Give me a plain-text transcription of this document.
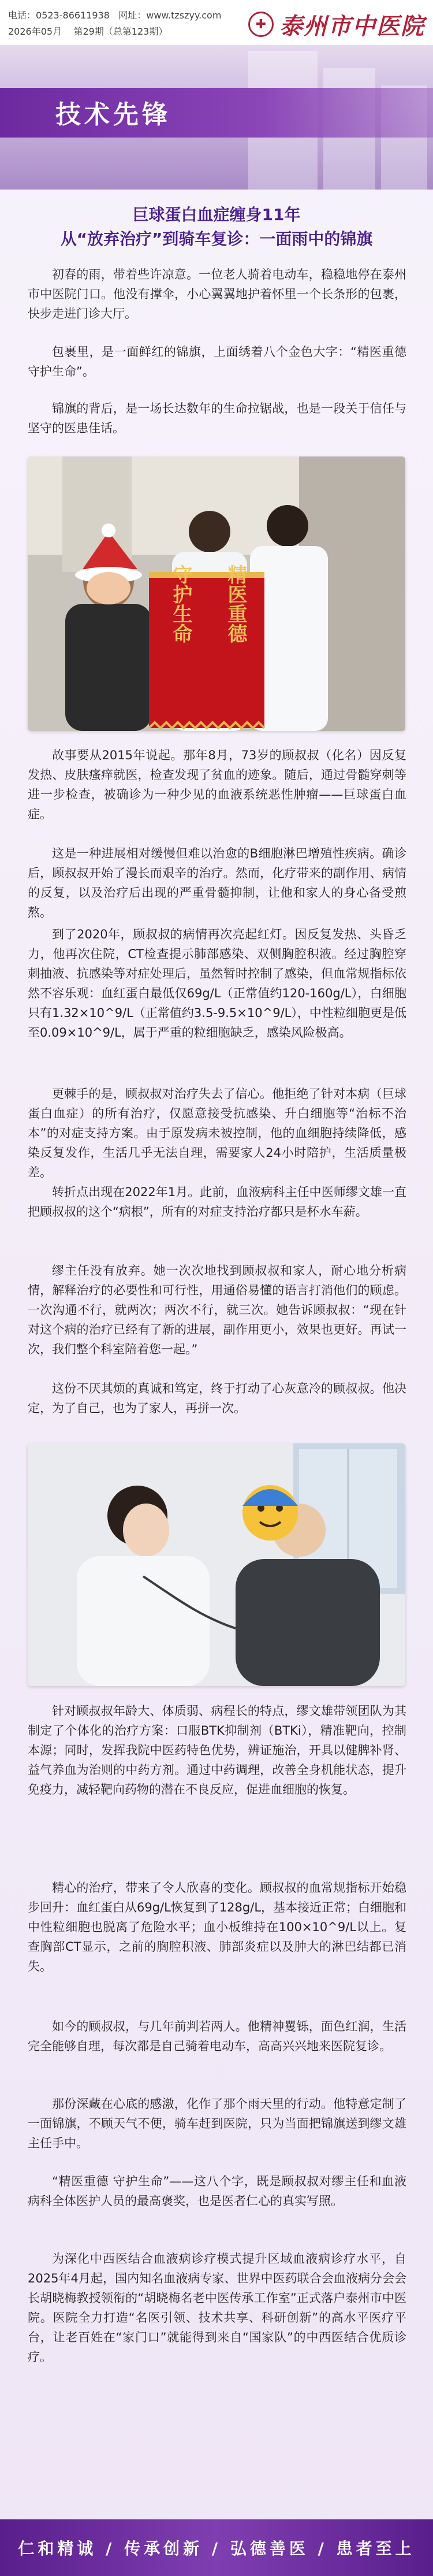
电话：0523-86611938 网址：www.tzszyy.com
2026年05月 第29期（总第123期）	✚ 泰州市中医院
技术先锋
巨球蛋白血症缠身11年
从“放弃治疗”到骑车复诊：一面雨中的锦旗

初春的雨，带着些许凉意。一位老人骑着电动车，稳稳地停在泰州市中医院门口。他没有撑伞，小心翼翼地护着怀里一个长条形的包裹，快步走进门诊大厅。

包裹里，是一面鲜红的锦旗，上面绣着八个金色大字：“精医重德 守护生命”。

锦旗的背后，是一场长达数年的生命拉锯战，也是一段关于信任与坚守的医患佳话。

精医重德
守护生命

故事要从2015年说起。那年8月，73岁的顾叔叔（化名）因反复发热、皮肤瘙痒就医，检查发现了贫血的迹象。随后，通过骨髓穿刺等进一步检查，被确诊为一种少见的血液系统恶性肿瘤——巨球蛋白血症。

这是一种进展相对缓慢但难以治愈的B细胞淋巴增殖性疾病。确诊后，顾叔叔开始了漫长而艰辛的治疗。然而，化疗带来的副作用、病情的反复，以及治疗后出现的严重骨髓抑制，让他和家人的身心备受煎熬。

到了2020年，顾叔叔的病情再次亮起红灯。因反复发热、头昏乏力，他再次住院，CT检查提示肺部感染、双侧胸腔积液。经过胸腔穿刺抽液、抗感染等对症处理后，虽然暂时控制了感染，但血常规指标依然不容乐观：血红蛋白最低仅69g/L（正常值约120-160g/L），白细胞只有1.32×10^9/L（正常值约3.5-9.5×10^9/L），中性粒细胞更是低至0.09×10^9/L，属于严重的粒细胞缺乏，感染风险极高。

更棘手的是，顾叔叔对治疗失去了信心。他拒绝了针对本病（巨球蛋白血症）的所有治疗，仅愿意接受抗感染、升白细胞等“治标不治本”的对症支持方案。由于原发病未被控制，他的血细胞持续降低，感染反复发作，生活几乎无法自理，需要家人24小时陪护，生活质量极差。

转折点出现在2022年1月。此前，血液病科主任中医师缪文雄一直把顾叔叔的这个“病根”，所有的对症支持治疗都只是杯水车薪。

缪主任没有放弃。她一次次地找到顾叔叔和家人，耐心地分析病情，解释治疗的必要性和可行性，用通俗易懂的语言打消他们的顾虑。一次沟通不行，就两次；两次不行，就三次。她告诉顾叔叔：“现在针对这个病的治疗已经有了新的进展，副作用更小，效果也更好。再试一次，我们整个科室陪着您一起。”

这份不厌其烦的真诚和笃定，终于打动了心灰意冷的顾叔叔。他决定，为了自己，也为了家人，再拼一次。

针对顾叔叔年龄大、体质弱、病程长的特点，缪文雄带领团队为其制定了个体化的治疗方案：口服BTK抑制剂（BTKi），精准靶向，控制本源；同时，发挥我院中医药特色优势，辨证施治，开具以健脾补肾、益气养血为治则的中药方剂。通过中药调理，改善全身机能状态，提升免疫力，减轻靶向药物的潜在不良反应，促进血细胞的恢复。

精心的治疗，带来了令人欣喜的变化。顾叔叔的血常规指标开始稳步回升：血红蛋白从69g/L恢复到了128g/L，基本接近正常；白细胞和中性粒细胞也脱离了危险水平；血小板维持在100×10^9/L以上。复查胸部CT显示，之前的胸腔积液、肺部炎症以及肿大的淋巴结都已消失。

如今的顾叔叔，与几年前判若两人。他精神矍铄，面色红润，生活完全能够自理，每次都是自己骑着电动车，高高兴兴地来医院复诊。

那份深藏在心底的感激，化作了那个雨天里的行动。他特意定制了一面锦旗，不顾天气不便，骑车赶到医院，只为当面把锦旗送到缪文雄主任手中。

“精医重德 守护生命”——这八个字，既是顾叔叔对缪主任和血液病科全体医护人员的最高褒奖，也是医者仁心的真实写照。

为深化中西医结合血液病诊疗模式提升区域血液病诊疗水平，自2025年4月起，国内知名血液病专家、世界中医药联合会血液病分会会长胡晓梅教授领衔的“胡晓梅名老中医传承工作室”正式落户泰州市中医院。医院全力打造“名医引领、技术共享、科研创新”的高水平医疗平台，让老百姓在“家门口”就能得到来自“国家队”的中西医结合优质诊疗。

仁和精诚 / 传承创新 / 弘德善医 / 患者至上
